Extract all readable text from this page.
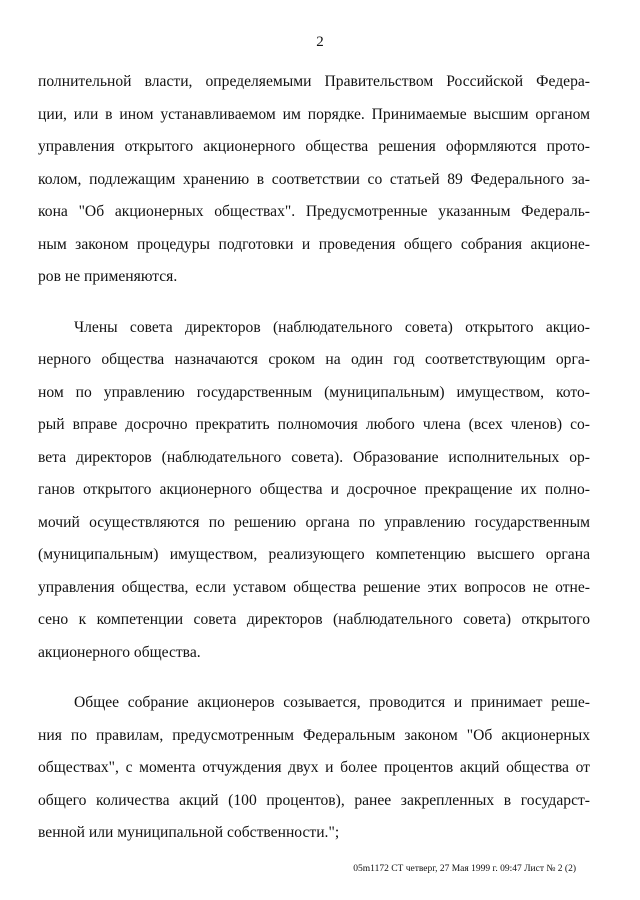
2
полнительной власти, определяемыми Правительством Российской Федера-
ции, или в ином устанавливаемом им порядке. Принимаемые высшим органом
управления открытого акционерного общества решения оформляются прото-
колом, подлежащим хранению в соответствии со статьей 89 Федерального за-
кона "Об акционерных обществах". Предусмотренные указанным Федераль-
ным законом процедуры подготовки и проведения общего собрания акционе-
ров не применяются.
Члены совета директоров (наблюдательного совета) открытого акцио-
нерного общества назначаются сроком на один год соответствующим орга-
ном по управлению государственным (муниципальным) имуществом, кото-
рый вправе досрочно прекратить полномочия любого члена (всех членов) со-
вета директоров (наблюдательного совета). Образование исполнительных ор-
ганов открытого акционерного общества и досрочное прекращение их полно-
мочий осуществляются по решению органа по управлению государственным
(муниципальным) имуществом, реализующего компетенцию высшего органа
управления общества, если уставом общества решение этих вопросов не отне-
сено к компетенции совета директоров (наблюдательного совета) открытого
акционерного общества.
Общее собрание акционеров созывается, проводится и принимает реше-
ния по правилам, предусмотренным Федеральным законом "Об акционерных
обществах", с момента отчуждения двух и более процентов акций общества от
общего количества акций (100 процентов), ранее закрепленных в государст-
венной или муниципальной собственности.";
05m1172 СТ четверг, 27 Мая 1999 г. 09:47 Лист № 2 (2)
